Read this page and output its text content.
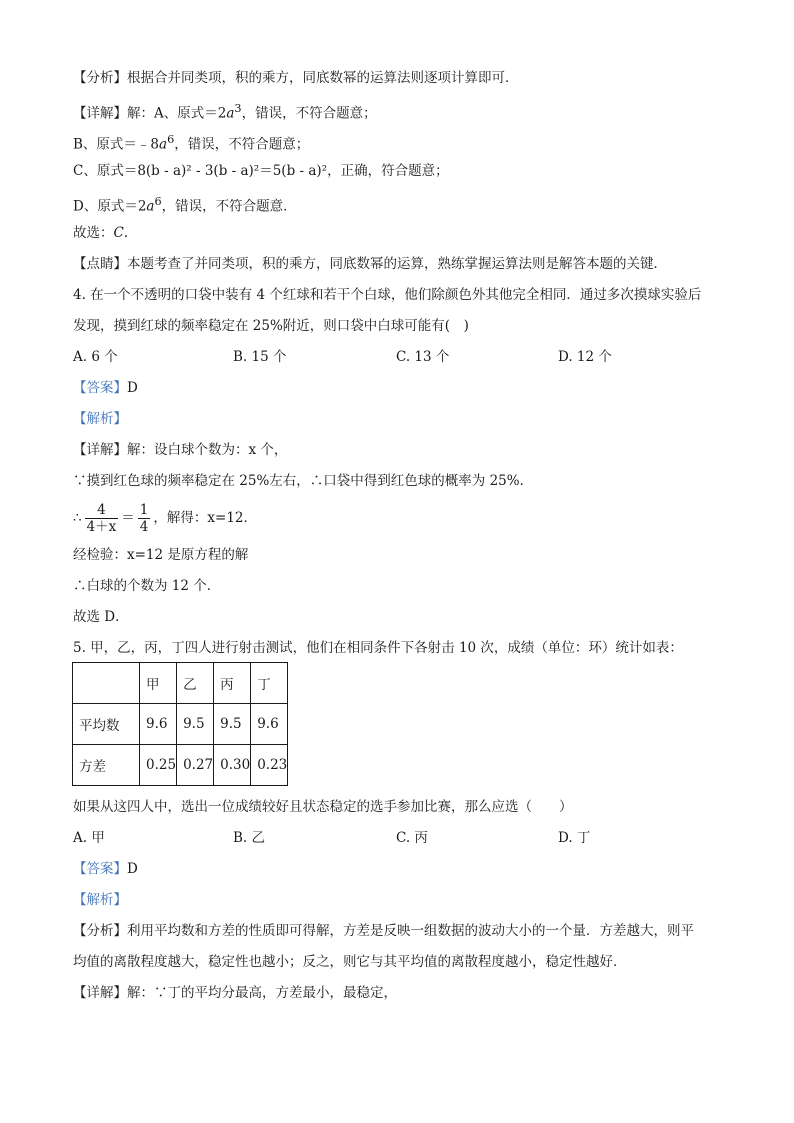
【分析】根据合并同类项，积的乘方，同底数幂的运算法则逐项计算即可．
【详解】解：A、原式$=2a^3$，错误，不符合题意；
B、原式$=﹣8a^6$，错误，不符合题意；
C、原式＝8(b - a)² - 3(b - a)²＝5(b - a)²，正确，符合题意；
D、原式$=2a^6$，错误，不符合题意．
故选：C．
【点睛】本题考查了并同类项，积的乘方，同底数幂的运算，熟练掌握运算法则是解答本题的关键．
4. 在一个不透明的口袋中装有 4 个红球和若干个白球，他们除颜色外其他完全相同．通过多次摸球实验后
发现，摸到红球的频率稳定在 25%附近，则口袋中白球可能有(　)
A. 6 个	B. 15 个	C. 13 个	D. 12 个
【答案】D
【解析】
【详解】解：设白球个数为：x 个，
∵摸到红色球的频率稳定在 25%左右，∴口袋中得到红色球的概率为 25%．
∴ $\frac{4}{4+x} = \frac{1}{4}$ ，解得：x=12．
经检验：x=12 是原方程的解
∴白球的个数为 12 个．
故选 D．
5. 甲，乙，丙，丁四人进行射击测试，他们在相同条件下各射击 10 次，成绩（单位：环）统计如表：
	甲	乙	丙	丁
平均数	9.6	9.5	9.5	9.6
方差	0.25	0.27	0.30	0.23
如果从这四人中，选出一位成绩较好且状态稳定的选手参加比赛，那么应选（　　）
A. 甲	B. 乙	C. 丙	D. 丁
【答案】D
【解析】
【分析】利用平均数和方差的性质即可得解，方差是反映一组数据的波动大小的一个量．方差越大，则平
均值的离散程度越大，稳定性也越小；反之，则它与其平均值的离散程度越小，稳定性越好．
【详解】解：∵丁的平均分最高，方差最小，最稳定，
